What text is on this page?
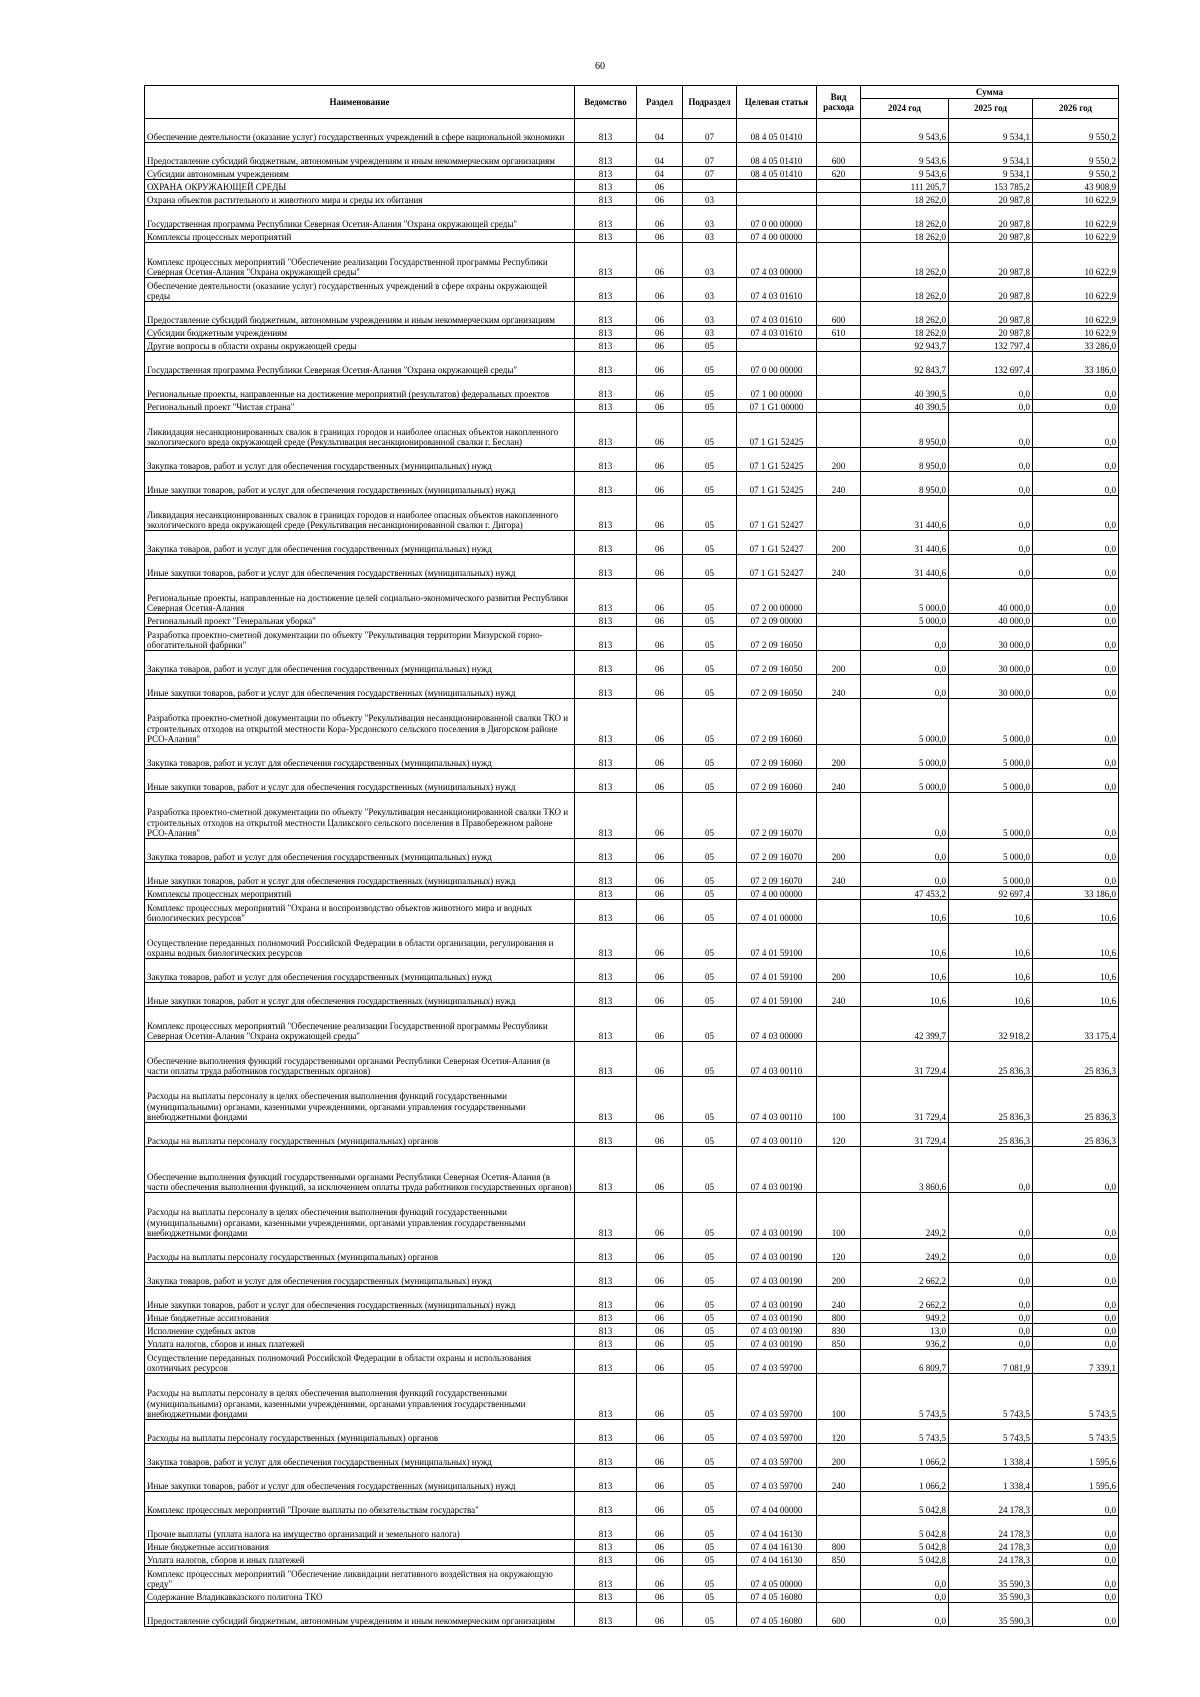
60
Наименование	Ведомство	Раздел	Подраздел	Целевая статья	Вид расхода	Сумма		
						2024 год	2025 год	2026 год
Обеспечение деятельности (оказание услуг) государственных учреждений в сфере национальной экономики	813	04	07	08 4 05 01410		9 543,6	9 534,1	9 550,2
Предоставление субсидий бюджетным, автономным учреждениям и иным некоммерческим организациям	813	04	07	08 4 05 01410	600	9 543,6	9 534,1	9 550,2
Субсидии автономным учреждениям	813	04	07	08 4 05 01410	620	9 543,6	9 534,1	9 550,2
ОХРАНА ОКРУЖАЮЩЕЙ СРЕДЫ	813	06				111 205,7	153 785,2	43 908,9
Охрана объектов растительного и животного мира и среды их обитания	813	06	03			18 262,0	20 987,8	10 622,9
Государственная программа Республики Северная Осетия-Алания "Охрана окружающей среды"	813	06	03	07 0 00 00000		18 262,0	20 987,8	10 622,9
Комплексы процессных мероприятий	813	06	03	07 4 00 00000		18 262,0	20 987,8	10 622,9
Комплекс процессных мероприятий "Обеспечение реализации Государственной программы Республики Северная Осетия-Алания "Охрана окружающей среды"	813	06	03	07 4 03 00000		18 262,0	20 987,8	10 622,9
Обеспечение деятельности (оказание услуг) государственных учреждений в сфере охраны окружающей среды	813	06	03	07 4 03 01610		18 262,0	20 987,8	10 622,9
Предоставление субсидий бюджетным, автономным учреждениям и иным некоммерческим организациям	813	06	03	07 4 03 01610	600	18 262,0	20 987,8	10 622,9
Субсидии бюджетным учреждениям	813	06	03	07 4 03 01610	610	18 262,0	20 987,8	10 622,9
Другие вопросы в области охраны окружающей среды	813	06	05			92 943,7	132 797,4	33 286,0
Государственная программа Республики Северная Осетия-Алания "Охрана окружающей среды"	813	06	05	07 0 00 00000		92 843,7	132 697,4	33 186,0
Региональные проекты, направленные на достижение мероприятий (результатов) федеральных проектов	813	06	05	07 1 00 00000		40 390,5	0,0	0,0
Региональный проект "Чистая страна"	813	06	05	07 1 G1 00000		40 390,5	0,0	0,0
Ликвидация несанкционированных свалок в границах городов и наиболее опасных объектов накопленного экологического вреда окружающей среде (Рекультивация несанкционированной свалки г. Беслан)	813	06	05	07 1 G1 52425		8 950,0	0,0	0,0
Закупка товаров, работ и услуг для обеспечения государственных (муниципальных) нужд	813	06	05	07 1 G1 52425	200	8 950,0	0,0	0,0
Иные закупки товаров, работ и услуг для обеспечения государственных (муниципальных) нужд	813	06	05	07 1 G1 52425	240	8 950,0	0,0	0,0
Ликвидация несанкционированных свалок в границах городов и наиболее опасных объектов накопленного экологического вреда окружающей среде (Рекультивация несанкционированной свалки г. Дигора)	813	06	05	07 1 G1 52427		31 440,6	0,0	0,0
Закупка товаров, работ и услуг для обеспечения государственных (муниципальных) нужд	813	06	05	07 1 G1 52427	200	31 440,6	0,0	0,0
Иные закупки товаров, работ и услуг для обеспечения государственных (муниципальных) нужд	813	06	05	07 1 G1 52427	240	31 440,6	0,0	0,0
Региональные проекты, направленные на достижение целей социально-экономического развития Республики Северная Осетия-Алания	813	06	05	07 2 00 00000		5 000,0	40 000,0	0,0
Региональный проект "Генеральная уборка"	813	06	05	07 2 09 00000		5 000,0	40 000,0	0,0
Разработка проектно-сметной документации по объекту "Рекультивация территории Мизурской горно-обогатительной фабрики"	813	06	05	07 2 09 16050		0,0	30 000,0	0,0
Закупка товаров, работ и услуг для обеспечения государственных (муниципальных) нужд	813	06	05	07 2 09 16050	200	0,0	30 000,0	0,0
Иные закупки товаров, работ и услуг для обеспечения государственных (муниципальных) нужд	813	06	05	07 2 09 16050	240	0,0	30 000,0	0,0
Разработка проектно-сметной документации по объекту "Рекультивация несанкционированной свалки ТКО и строительных отходов на открытой местности Кора-Урсдонского сельского поселения в Дигорском районе РСО-Алания"	813	06	05	07 2 09 16060		5 000,0	5 000,0	0,0
Закупка товаров, работ и услуг для обеспечения государственных (муниципальных) нужд	813	06	05	07 2 09 16060	200	5 000,0	5 000,0	0,0
Иные закупки товаров, работ и услуг для обеспечения государственных (муниципальных) нужд	813	06	05	07 2 09 16060	240	5 000,0	5 000,0	0,0
Разработка проектно-сметной документации по объекту "Рекультивация несанкционированной свалки ТКО и строительных отходов на открытой местности Цаликского сельского поселения в Правобережном районе РСО-Алания"	813	06	05	07 2 09 16070		0,0	5 000,0	0,0
Закупка товаров, работ и услуг для обеспечения государственных (муниципальных) нужд	813	06	05	07 2 09 16070	200	0,0	5 000,0	0,0
Иные закупки товаров, работ и услуг для обеспечения государственных (муниципальных) нужд	813	06	05	07 2 09 16070	240	0,0	5 000,0	0,0
Комплексы процессных мероприятий	813	06	05	07 4 00 00000		47 453,2	92 697,4	33 186,0
Комплекс процессных мероприятий "Охрана и воспроизводство объектов животного мира и водных биологических ресурсов"	813	06	05	07 4 01 00000		10,6	10,6	10,6
Осуществление переданных полномочий Российской Федерации в области организации, регулирования и охраны водных биологических ресурсов	813	06	05	07 4 01 59100		10,6	10,6	10,6
Закупка товаров, работ и услуг для обеспечения государственных (муниципальных) нужд	813	06	05	07 4 01 59100	200	10,6	10,6	10,6
Иные закупки товаров, работ и услуг для обеспечения государственных (муниципальных) нужд	813	06	05	07 4 01 59100	240	10,6	10,6	10,6
Комплекс процессных мероприятий "Обеспечение реализации Государственной программы Республики Северная Осетия-Алания "Охрана окружающей среды"	813	06	05	07 4 03 00000		42 399,7	32 918,2	33 175,4
Обеспечение выполнения функций государственными органами Республики Северная Осетия-Алания (в части оплаты труда работников государственных органов)	813	06	05	07 4 03 00110		31 729,4	25 836,3	25 836,3
Расходы на выплаты персоналу в целях обеспечения выполнения функций государственными (муниципальными) органами, казенными учреждениями, органами управления государственными внебюджетными фондами	813	06	05	07 4 03 00110	100	31 729,4	25 836,3	25 836,3
Расходы на выплаты персоналу государственных (муниципальных) органов	813	06	05	07 4 03 00110	120	31 729,4	25 836,3	25 836,3
Обеспечение выполнения функций государственными органами Республики Северная Осетия-Алания (в части обеспечения выполнения функций, за исключением оплаты труда работников государственных органов)	813	06	05	07 4 03 00190		3 860,6	0,0	0,0
Расходы на выплаты персоналу в целях обеспечения выполнения функций государственными (муниципальными) органами, казенными учреждениями, органами управления государственными внебюджетными фондами	813	06	05	07 4 03 00190	100	249,2	0,0	0,0
Расходы на выплаты персоналу государственных (муниципальных) органов	813	06	05	07 4 03 00190	120	249,2	0,0	0,0
Закупка товаров, работ и услуг для обеспечения государственных (муниципальных) нужд	813	06	05	07 4 03 00190	200	2 662,2	0,0	0,0
Иные закупки товаров, работ и услуг для обеспечения государственных (муниципальных) нужд	813	06	05	07 4 03 00190	240	2 662,2	0,0	0,0
Иные бюджетные ассигнования	813	06	05	07 4 03 00190	800	949,2	0,0	0,0
Исполнение судебных актов	813	06	05	07 4 03 00190	830	13,0	0,0	0,0
Уплата налогов, сборов и иных платежей	813	06	05	07 4 03 00190	850	936,2	0,0	0,0
Осуществление переданных полномочий Российской Федерации в области охраны и использования охотничьих ресурсов	813	06	05	07 4 03 59700		6 809,7	7 081,9	7 339,1
Расходы на выплаты персоналу в целях обеспечения выполнения функций государственными (муниципальными) органами, казенными учреждениями, органами управления государственными внебюджетными фондами	813	06	05	07 4 03 59700	100	5 743,5	5 743,5	5 743,5
Расходы на выплаты персоналу государственных (муниципальных) органов	813	06	05	07 4 03 59700	120	5 743,5	5 743,5	5 743,5
Закупка товаров, работ и услуг для обеспечения государственных (муниципальных) нужд	813	06	05	07 4 03 59700	200	1 066,2	1 338,4	1 595,6
Иные закупки товаров, работ и услуг для обеспечения государственных (муниципальных) нужд	813	06	05	07 4 03 59700	240	1 066,2	1 338,4	1 595,6
Комплекс процессных мероприятий "Прочие выплаты по обязательствам государства"	813	06	05	07 4 04 00000		5 042,8	24 178,3	0,0
Прочие выплаты (уплата налога на имущество организаций и земельного налога)	813	06	05	07 4 04 16130		5 042,8	24 178,3	0,0
Иные бюджетные ассигнования	813	06	05	07 4 04 16130	800	5 042,8	24 178,3	0,0
Уплата налогов, сборов и иных платежей	813	06	05	07 4 04 16130	850	5 042,8	24 178,3	0,0
Комплекс процессных мероприятий "Обеспечение ликвидации негативного воздействия на окружающую среду"	813	06	05	07 4 05 00000		0,0	35 590,3	0,0
Содержание Владикавказского полигона ТКО	813	06	05	07 4 05 16080		0,0	35 590,3	0,0
Предоставление субсидий бюджетным, автономным учреждениям и иным некоммерческим организациям	813	06	05	07 4 05 16080	600	0,0	35 590,3	0,0
